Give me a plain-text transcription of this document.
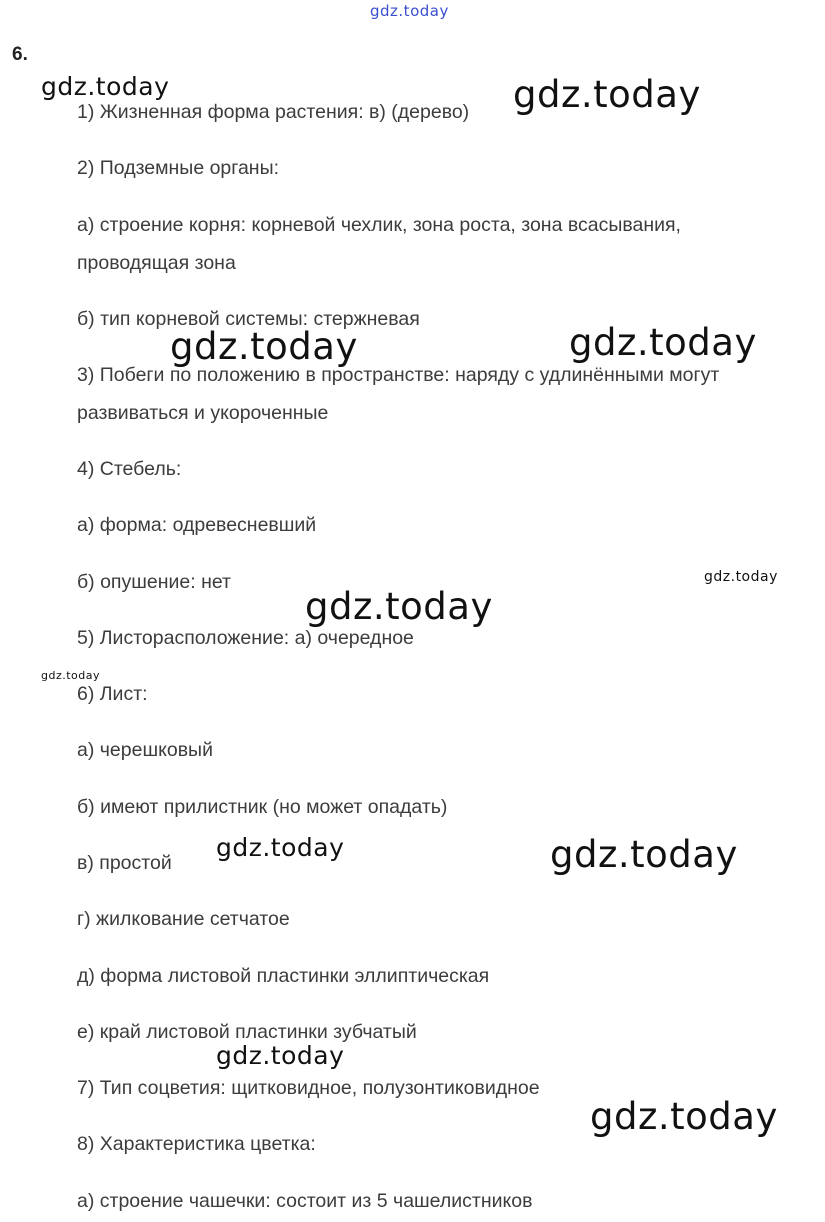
gdz.today
6.
1) Жизненная форма растения: в) (дерево)
2) Подземные органы:
а) строение корня: корневой чехлик, зона роста, зона всасывания,
проводящая зона
б) тип корневой системы: стержневая
3) Побеги по положению в пространстве: наряду с удлинёнными могут
развиваться и укороченные
4) Стебель:
а) форма: одревесневший
б) опушение: нет
5) Листорасположение: а) очередное
6) Лист:
а) черешковый
б) имеют прилистник (но может опадать)
в) простой
г) жилкование сетчатое
д) форма листовой пластинки эллиптическая
е) край листовой пластинки зубчатый
7) Тип соцветия: щитковидное, полузонтиковидное
8) Характеристика цветка:
а) строение чашечки: состоит из 5 чашелистников
gdz.today	gdz.today
gdz.today	gdz.today
gdz.today
gdz.today
gdz.today
gdz.today	gdz.today
gdz.today
gdz.today
